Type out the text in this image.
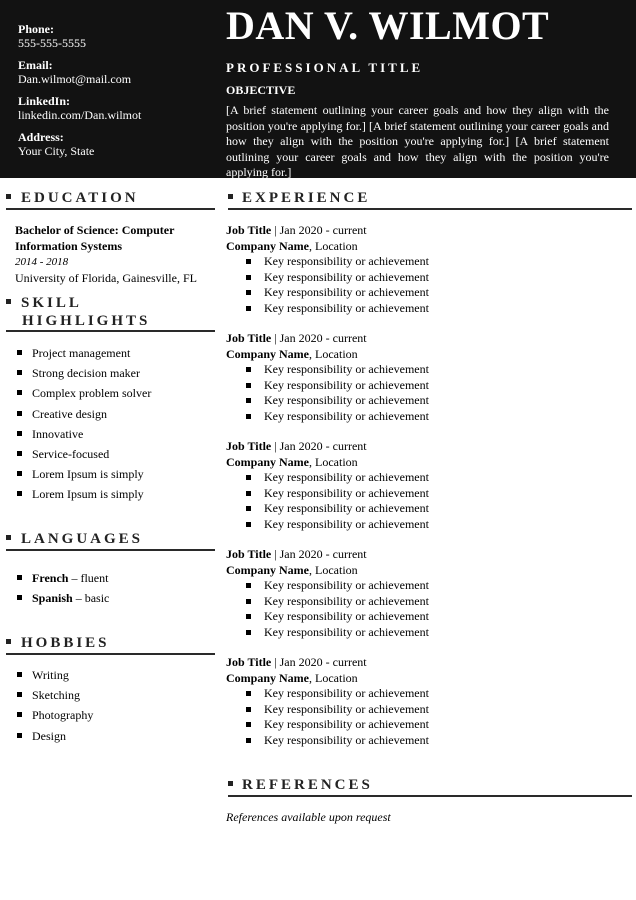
Phone:
555-555-5555
Email:
Dan.wilmot@mail.com
LinkedIn:
linkedin.com/Dan.wilmot
Address:
Your City, State
DAN V. WILMOT
PROFESSIONAL TITLE
OBJECTIVE
[A brief statement outlining your career goals and how they align with the position you're applying for.] [A brief statement outlining your career goals and how they align with the position you're applying for.] [A brief statement outlining your career goals and how they align with the position you're applying for.]
EDUCATION
Bachelor of Science: Computer Information Systems
2014 - 2018
University of Florida, Gainesville, FL
SKILL
HIGHLIGHTS
Project management
Strong decision maker
Complex problem solver
Creative design
Innovative
Service-focused
Lorem Ipsum is simply
Lorem Ipsum is simply
LANGUAGES
French – fluent
Spanish – basic
HOBBIES
Writing
Sketching
Photography
Design
EXPERIENCE
Job Title | Jan 2020 - current
Company Name, Location
Key responsibility or achievement
Key responsibility or achievement
Key responsibility or achievement
Key responsibility or achievement
Job Title | Jan 2020 - current
Company Name, Location
Key responsibility or achievement
Key responsibility or achievement
Key responsibility or achievement
Key responsibility or achievement
Job Title | Jan 2020 - current
Company Name, Location
Key responsibility or achievement
Key responsibility or achievement
Key responsibility or achievement
Key responsibility or achievement
Job Title | Jan 2020 - current
Company Name, Location
Key responsibility or achievement
Key responsibility or achievement
Key responsibility or achievement
Key responsibility or achievement
Job Title | Jan 2020 - current
Company Name, Location
Key responsibility or achievement
Key responsibility or achievement
Key responsibility or achievement
Key responsibility or achievement
REFERENCES
References available upon request
